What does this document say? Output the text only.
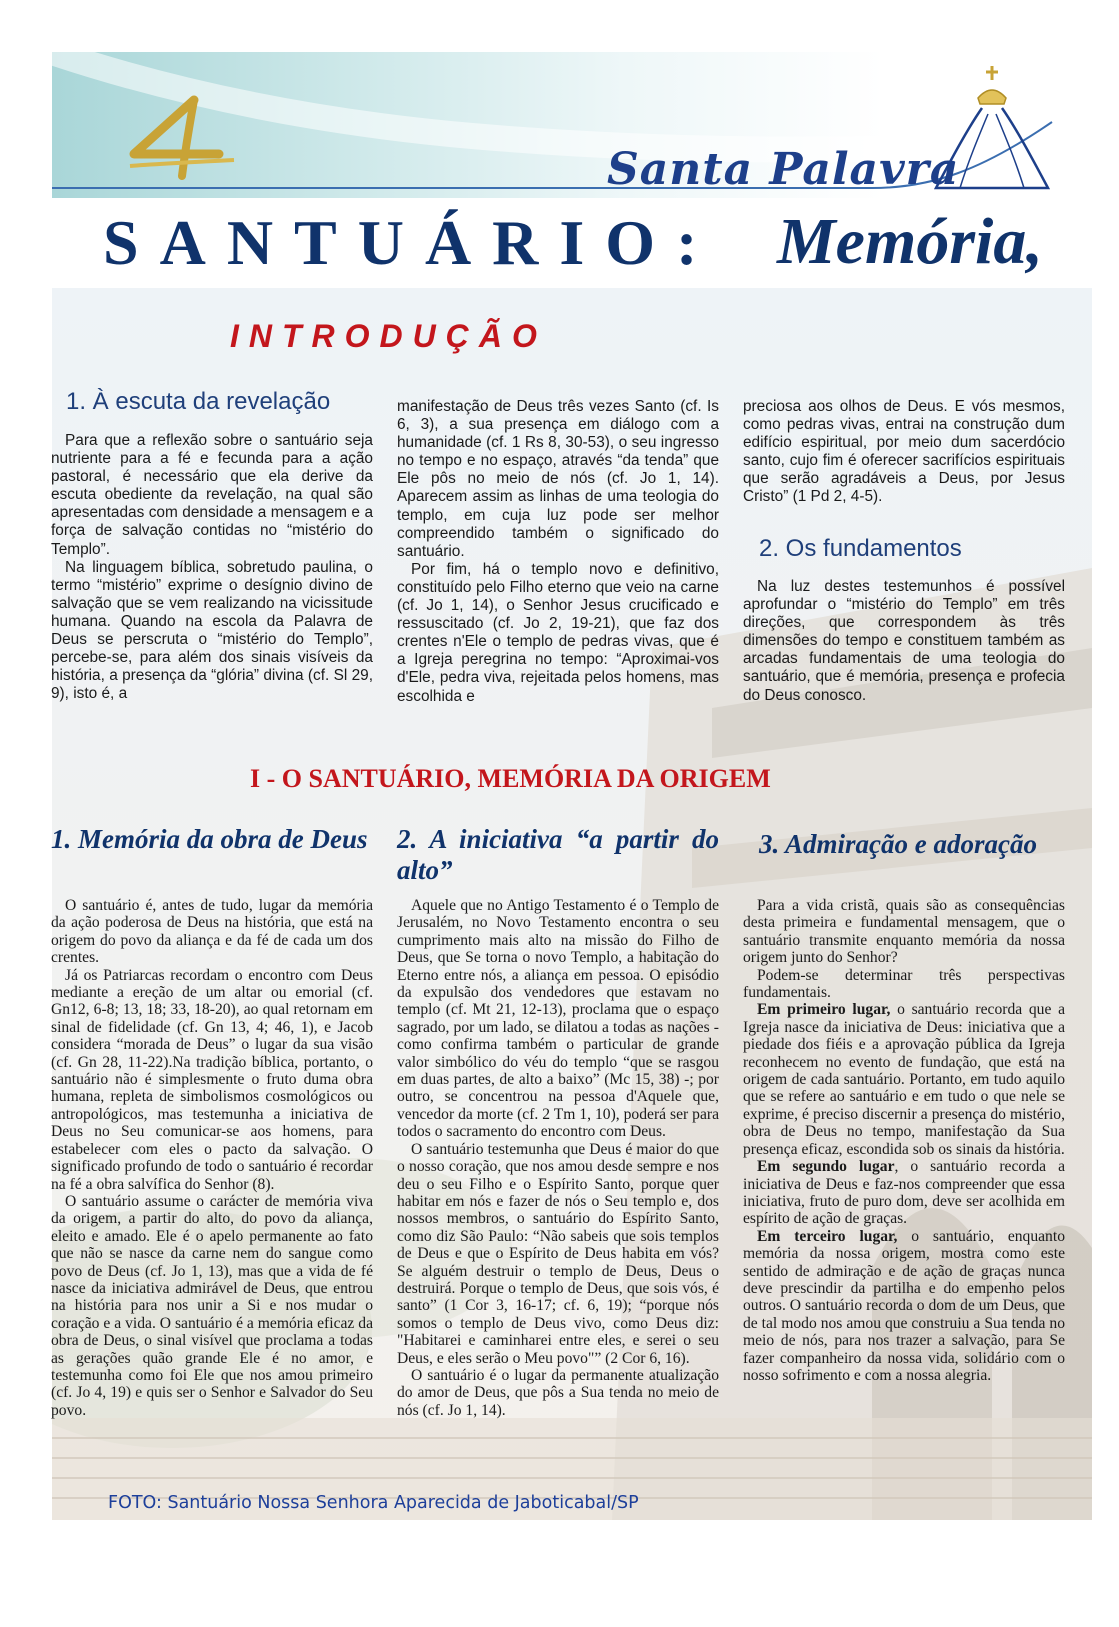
Santa Palavra
SANTUÁRIO: Memória,
INTRODUÇÃO
1. À escuta da revelação

Para que a reflexão sobre o santuário seja nutriente para a fé e fecunda para a ação pastoral, é necessário que ela derive da escuta obediente da revelação, na qual são apresentadas com densidade a mensagem e a força de salvação contidas no “mistério do Templo”.

Na linguagem bíblica, sobretudo paulina, o termo “mistério” exprime o desígnio divino de salvação que se vem realizando na vicissitude humana. Quando na escola da Palavra de Deus se perscruta o “mistério do Templo”, percebe-se, para além dos sinais visíveis da história, a presença da “glória” divina (cf. Sl 29, 9), isto é, a

manifestação de Deus três vezes Santo (cf. Is 6, 3), a sua presença em diálogo com a humanidade (cf. 1 Rs 8, 30-53), o seu ingresso no tempo e no espaço, através “da tenda” que Ele pôs no meio de nós (cf. Jo 1, 14). Aparecem assim as linhas de uma teologia do templo, em cuja luz pode ser melhor compreendido também o significado do santuário.

Por fim, há o templo novo e definitivo, constituído pelo Filho eterno que veio na carne (cf. Jo 1, 14), o Senhor Jesus crucificado e ressuscitado (cf. Jo 2, 19-21), que faz dos crentes n'Ele o templo de pedras vivas, que é a Igreja peregrina no tempo: “Aproximai-vos d'Ele, pedra viva, rejeitada pelos homens, mas escolhida e

preciosa aos olhos de Deus. E vós mesmos, como pedras vivas, entrai na construção dum edifício espiritual, por meio dum sacerdócio santo, cujo fim é oferecer sacrifícios espirituais que serão agradáveis a Deus, por Jesus Cristo” (1 Pd 2, 4-5).

2. Os fundamentos

Na luz destes testemunhos é possível aprofundar o “mistério do Templo” em três direções, que correspondem às três dimensões do tempo e constituem também as arcadas fundamentais de uma teologia do santuário, que é memória, presença e profecia do Deus conosco.

I - O SANTUÁRIO, MEMÓRIA DA ORIGEM
1. Memória da obra de Deus 2. A iniciativa “a partir do alto”
3. Admiração e adoração

O santuário é, antes de tudo, lugar da memória da ação poderosa de Deus na história, que está na origem do povo da aliança e da fé de cada um dos crentes.

Já os Patriarcas recordam o encontro com Deus mediante a ereção de um altar ou emorial (cf. Gn12, 6-8; 13, 18; 33, 18-20), ao qual retornam em sinal de fidelidade (cf. Gn 13, 4; 46, 1), e Jacob considera “morada de Deus” o lugar da sua visão (cf. Gn 28, 11-22).Na tradição bíblica, portanto, o santuário não é simplesmente o fruto duma obra humana, repleta de simbolismos cosmológicos ou antropológicos, mas testemunha a iniciativa de Deus no Seu comunicar-se aos homens, para estabelecer com eles o pacto da salvação. O significado profundo de todo o santuário é recordar na fé a obra salvífica do Senhor (8).

O santuário assume o carácter de memória viva da origem, a partir do alto, do povo da aliança, eleito e amado. Ele é o apelo permanente ao fato que não se nasce da carne nem do sangue como povo de Deus (cf. Jo 1, 13), mas que a vida de fé nasce da iniciativa admirável de Deus, que entrou na história para nos unir a Si e nos mudar o coração e a vida. O santuário é a memória eficaz da obra de Deus, o sinal visível que proclama a todas as gerações quão grande Ele é no amor, e testemunha como foi Ele que nos amou primeiro (cf. Jo 4, 19) e quis ser o Senhor e Salvador do Seu povo.

Aquele que no Antigo Testamento é o Templo de Jerusalém, no Novo Testamento encontra o seu cumprimento mais alto na missão do Filho de Deus, que Se torna o novo Templo, a habitação do Eterno entre nós, a aliança em pessoa. O episódio da expulsão dos vendedores que estavam no templo (cf. Mt 21, 12-13), proclama que o espaço sagrado, por um lado, se dilatou a todas as nações - como confirma também o particular de grande valor simbólico do véu do templo “que se rasgou em duas partes, de alto a baixo” (Mc 15, 38) -; por outro, se concentrou na pessoa d'Aquele que, vencedor da morte (cf. 2 Tm 1, 10), poderá ser para todos o sacramento do encontro com Deus.

O santuário testemunha que Deus é maior do que o nosso coração, que nos amou desde sempre e nos deu o seu Filho e o Espírito Santo, porque quer habitar em nós e fazer de nós o Seu templo e, dos nossos membros, o santuário do Espírito Santo, como diz São Paulo: “Não sabeis que sois templos de Deus e que o Espírito de Deus habita em vós? Se alguém destruir o templo de Deus, Deus o destruirá. Porque o templo de Deus, que sois vós, é santo” (1 Cor 3, 16-17; cf. 6, 19); “porque nós somos o templo de Deus vivo, como Deus diz: "Habitarei e caminharei entre eles, e serei o seu Deus, e eles serão o Meu povo"” (2 Cor 6, 16).

O santuário é o lugar da permanente atualização do amor de Deus, que pôs a Sua tenda no meio de nós (cf. Jo 1, 14).

Para a vida cristã, quais são as consequências desta primeira e fundamental mensagem, que o santuário transmite enquanto memória da nossa origem junto do Senhor?

Podem-se determinar três perspectivas fundamentais.

Em primeiro lugar, o santuário recorda que a Igreja nasce da iniciativa de Deus: iniciativa que a piedade dos fiéis e a aprovação pública da Igreja reconhecem no evento de fundação, que está na origem de cada santuário. Portanto, em tudo aquilo que se refere ao santuário e em tudo o que nele se exprime, é preciso discernir a presença do mistério, obra de Deus no tempo, manifestação da Sua presença eficaz, escondida sob os sinais da história.

Em segundo lugar, o santuário recorda a iniciativa de Deus e faz-nos compreender que essa iniciativa, fruto de puro dom, deve ser acolhida em espírito de ação de graças.

Em terceiro lugar, o santuário, enquanto memória da nossa origem, mostra como este sentido de admiração e de ação de graças nunca deve prescindir da partilha e do empenho pelos outros. O santuário recorda o dom de um Deus, que de tal modo nos amou que construiu a Sua tenda no meio de nós, para nos trazer a salvação, para Se fazer companheiro da nossa vida, solidário com o nosso sofrimento e com a nossa alegria.

FOTO: Santuário Nossa Senhora Aparecida de Jaboticabal/SP
